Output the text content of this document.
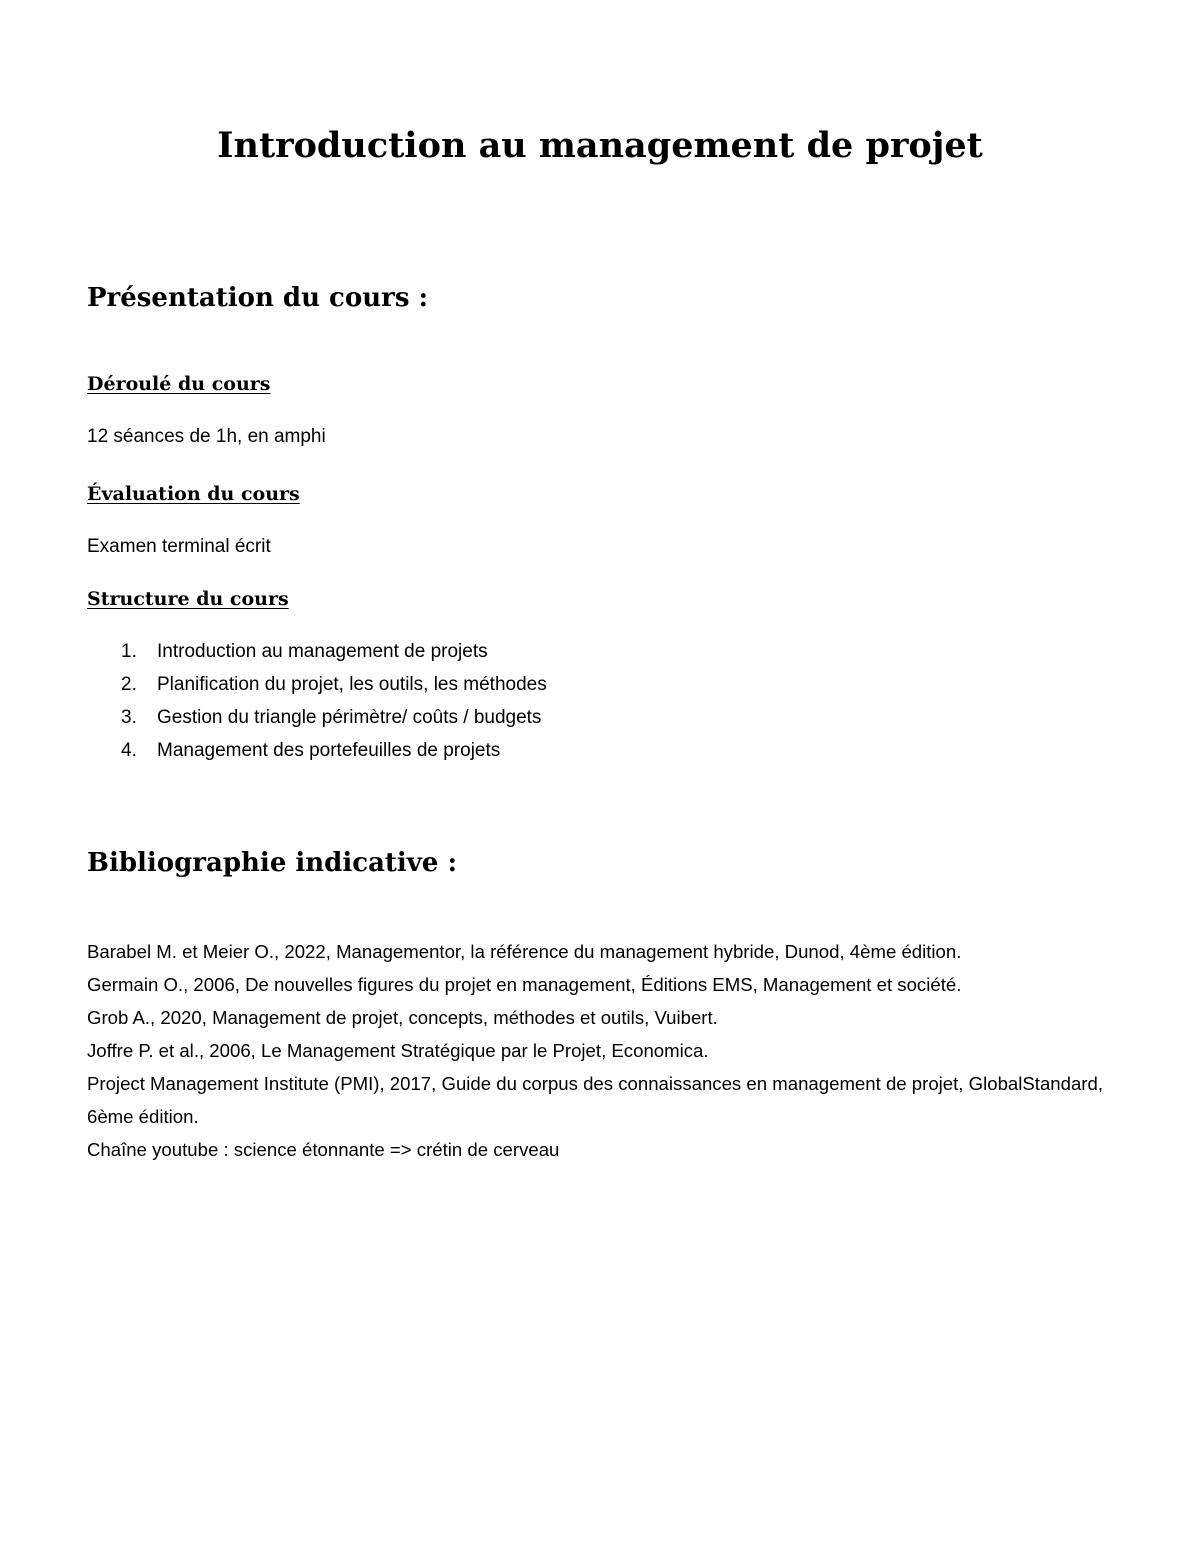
Introduction au management de projet
Présentation du cours :
Déroulé du cours

12 séances de 1h, en amphi

Évaluation du cours

Examen terminal écrit

Structure du cours
1.	Introduction au management de projets
2.	Planification du projet, les outils, les méthodes
3.	Gestion du triangle périmètre/ coûts / budgets
4.	Management des portefeuilles de projets
Bibliographie indicative :

Barabel M. et Meier O., 2022, Managementor, la référence du management hybride, Dunod, 4ème édition.

Germain O., 2006, De nouvelles figures du projet en management, Éditions EMS, Management et société.

Grob A., 2020, Management de projet, concepts, méthodes et outils, Vuibert.

Joffre P. et al., 2006, Le Management Stratégique par le Projet, Economica.

Project Management Institute (PMI), 2017, Guide du corpus des connaissances en management de projet, GlobalStandard, 6ème édition.

Chaîne youtube : science étonnante => crétin de cerveau
